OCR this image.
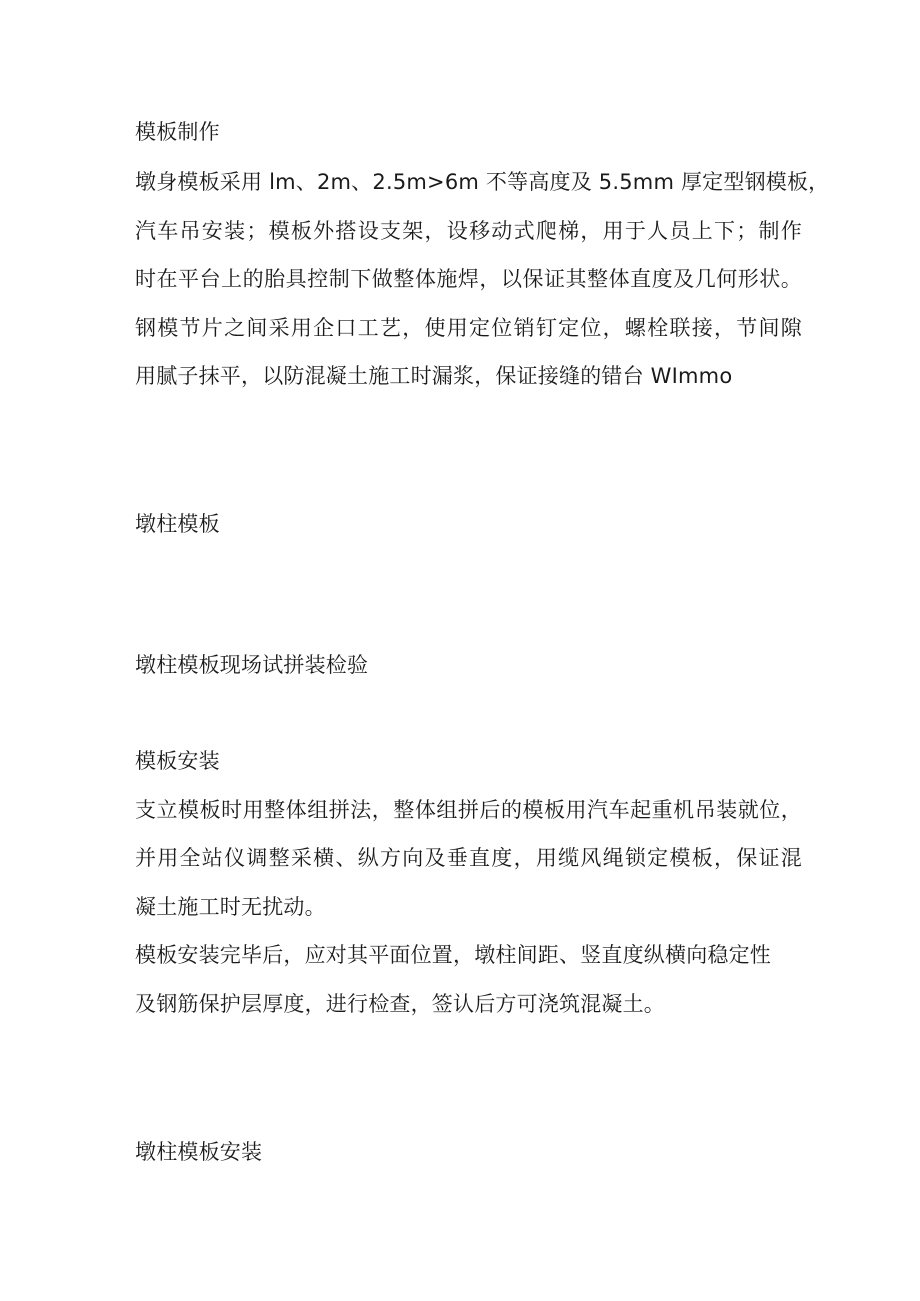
模板制作
墩身模板采用 lm、2m、2.5m>6m 不等高度及 5.5mm 厚定型钢模板，
汽车吊安装；模板外搭设支架，设移动式爬梯，用于人员上下；制作
时在平台上的胎具控制下做整体施焊，以保证其整体直度及几何形状。
钢模节片之间采用企口工艺，使用定位销钉定位，螺栓联接，节间隙
用腻子抹平，以防混凝土施工时漏浆，保证接缝的错台 WImmo
墩柱模板
墩柱模板现场试拼装检验
模板安装
支立模板时用整体组拼法，整体组拼后的模板用汽车起重机吊装就位，
并用全站仪调整采横、纵方向及垂直度，用缆风绳锁定模板，保证混
凝土施工时无扰动。
模板安装完毕后，应对其平面位置，墩柱间距、竖直度纵横向稳定性
及钢筋保护层厚度，进行检查，签认后方可浇筑混凝土。
墩柱模板安装
